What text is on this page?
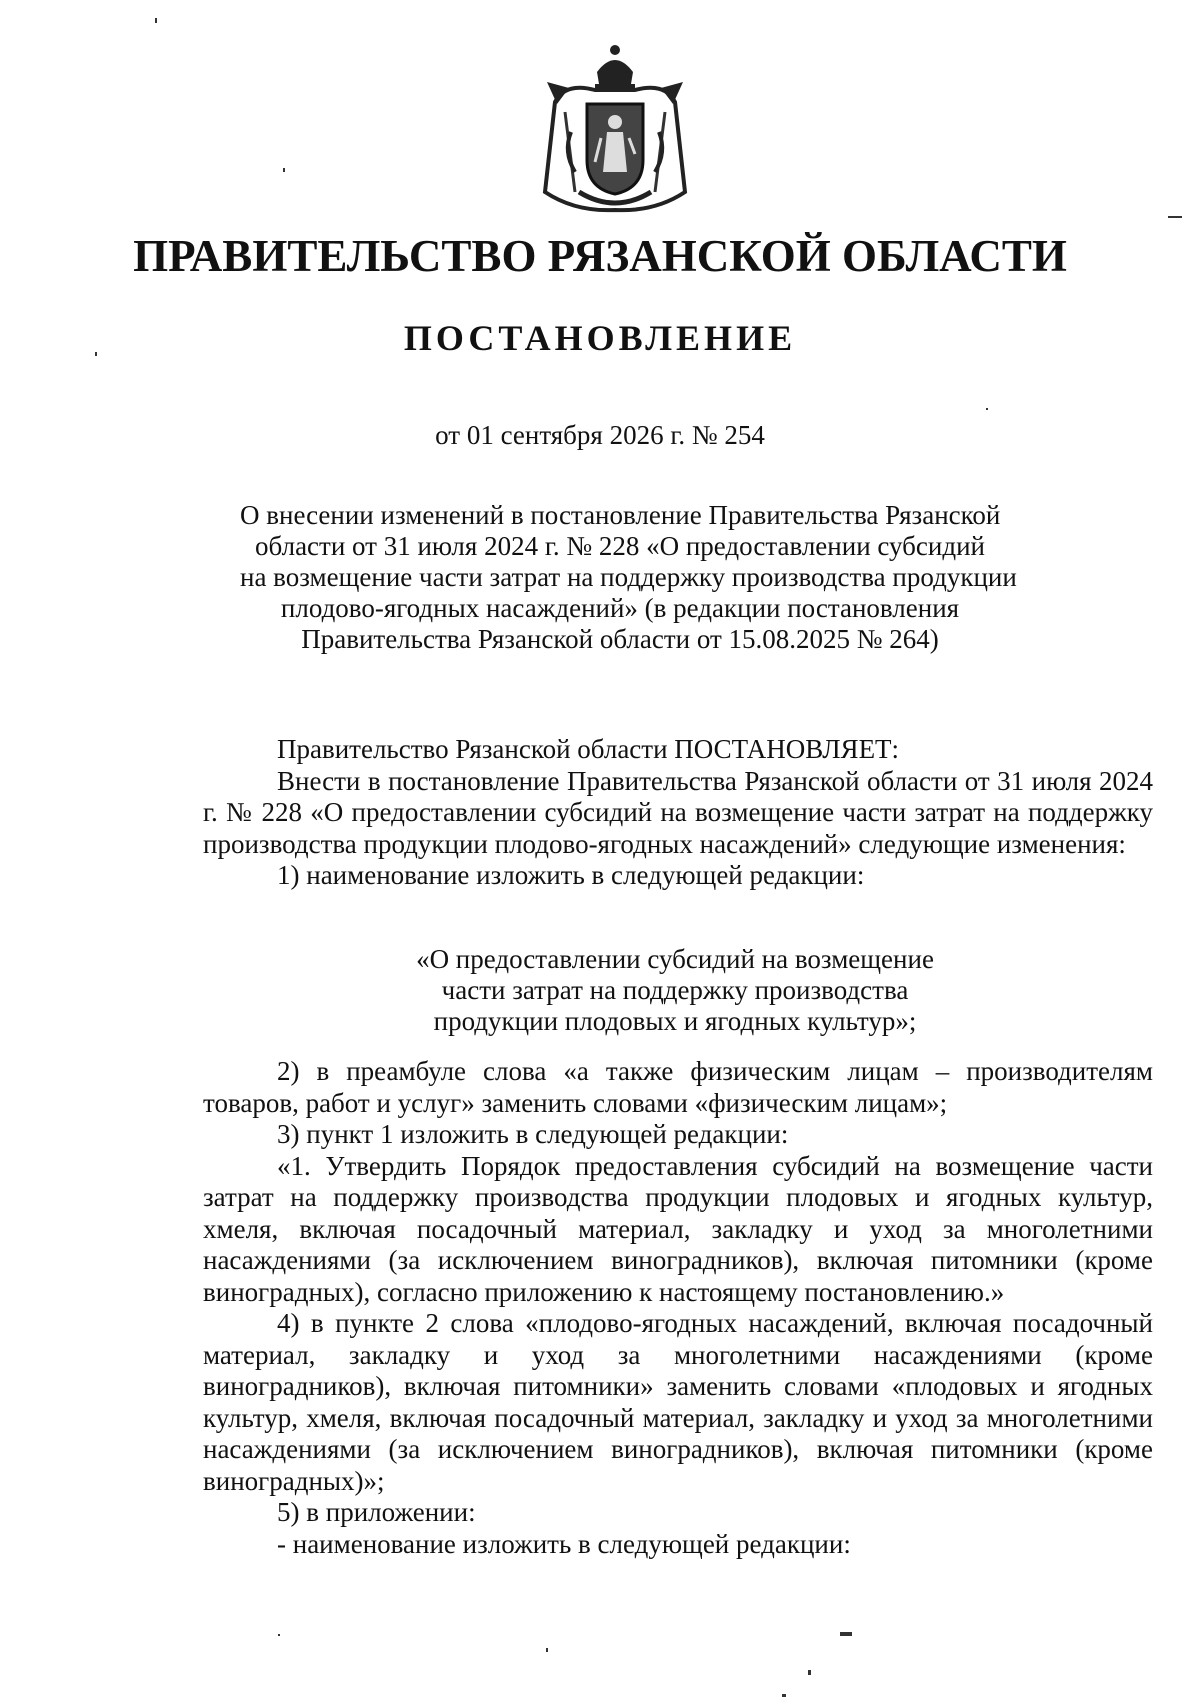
ПРАВИТЕЛЬСТВО РЯЗАНСКОЙ ОБЛАСТИ
ПОСТАНОВЛЕНИЕ
от 01 сентября 2026 г. № 254
О внесении изменений в постановление Правительства Рязанской
области от 31 июля 2024 г. № 228 «О предоставлении субсидий
на возмещение части затрат на поддержку производства продукции
плодово-ягодных насаждений» (в редакции постановления
Правительства Рязанской области от 15.08.2025 № 264)

Правительство Рязанской области ПОСТАНОВЛЯЕТ:

Внести в постановление Правительства Рязанской области от 31 июля 2024 г. № 228 «О предоставлении субсидий на возмещение части затрат на поддержку производства продукции плодово-ягодных насаждений» следующие изменения:

1) наименование изложить в следующей редакции:

«О предоставлении субсидий на возмещение
части затрат на поддержку производства
продукции плодовых и ягодных культур»;

2) в преамбуле слова «а также физическим лицам – производителям товаров, работ и услуг» заменить словами «физическим лицам»;

3) пункт 1 изложить в следующей редакции:

«1. Утвердить Порядок предоставления субсидий на возмещение части затрат на поддержку производства продукции плодовых и ягодных культур, хмеля, включая посадочный материал, закладку и уход за многолетними насаждениями (за исключением виноградников), включая питомники (кроме виноградных), согласно приложению к настоящему постановлению.»

4) в пункте 2 слова «плодово-ягодных насаждений, включая посадочный материал, закладку и уход за многолетними насаждениями (кроме виноградников), включая питомники» заменить словами «плодовых и ягодных культур, хмеля, включая посадочный материал, закладку и уход за многолетними насаждениями (за исключением виноградников), включая питомники (кроме виноградных)»;

5) в приложении:

- наименование изложить в следующей редакции:
